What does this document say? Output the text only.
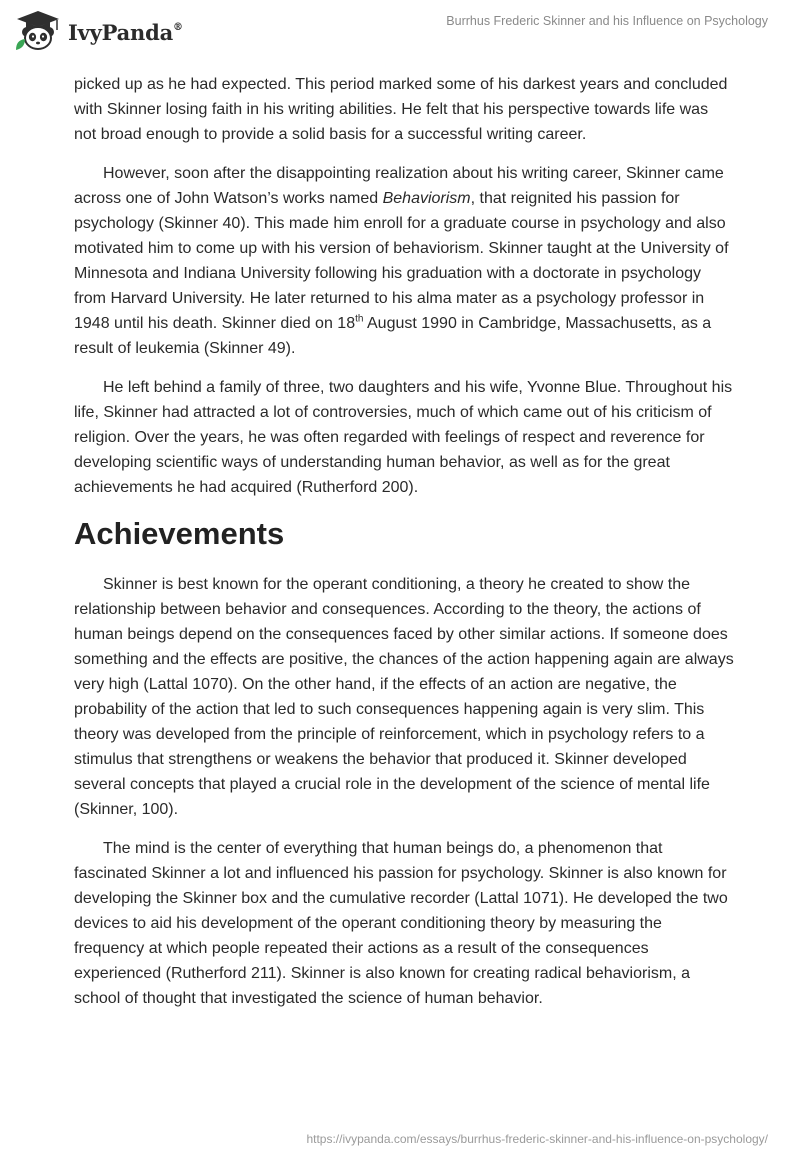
IvyPanda®	Burrhus Frederic Skinner and his Influence on Psychology

picked up as he had expected. This period marked some of his darkest years and concluded with Skinner losing faith in his writing abilities. He felt that his perspective towards life was not broad enough to provide a solid basis for a successful writing career.

However, soon after the disappointing realization about his writing career, Skinner came across one of John Watson’s works named Behaviorism, that reignited his passion for psychology (Skinner 40). This made him enroll for a graduate course in psychology and also motivated him to come up with his version of behaviorism. Skinner taught at the University of Minnesota and Indiana University following his graduation with a doctorate in psychology from Harvard University. He later returned to his alma mater as a psychology professor in 1948 until his death. Skinner died on 18th August 1990 in Cambridge, Massachusetts, as a result of leukemia (Skinner 49).

He left behind a family of three, two daughters and his wife, Yvonne Blue. Throughout his life, Skinner had attracted a lot of controversies, much of which came out of his criticism of religion. Over the years, he was often regarded with feelings of respect and reverence for developing scientific ways of understanding human behavior, as well as for the great achievements he had acquired (Rutherford 200).

Achievements

Skinner is best known for the operant conditioning, a theory he created to show the relationship between behavior and consequences. According to the theory, the actions of human beings depend on the consequences faced by other similar actions. If someone does something and the effects are positive, the chances of the action happening again are always very high (Lattal 1070). On the other hand, if the effects of an action are negative, the probability of the action that led to such consequences happening again is very slim. This theory was developed from the principle of reinforcement, which in psychology refers to a stimulus that strengthens or weakens the behavior that produced it. Skinner developed several concepts that played a crucial role in the development of the science of mental life (Skinner, 100).

The mind is the center of everything that human beings do, a phenomenon that fascinated Skinner a lot and influenced his passion for psychology. Skinner is also known for developing the Skinner box and the cumulative recorder (Lattal 1071). He developed the two devices to aid his development of the operant conditioning theory by measuring the frequency at which people repeated their actions as a result of the consequences experienced (Rutherford 211). Skinner is also known for creating radical behaviorism, a school of thought that investigated the science of human behavior.

https://ivypanda.com/essays/burrhus-frederic-skinner-and-his-influence-on-psychology/
